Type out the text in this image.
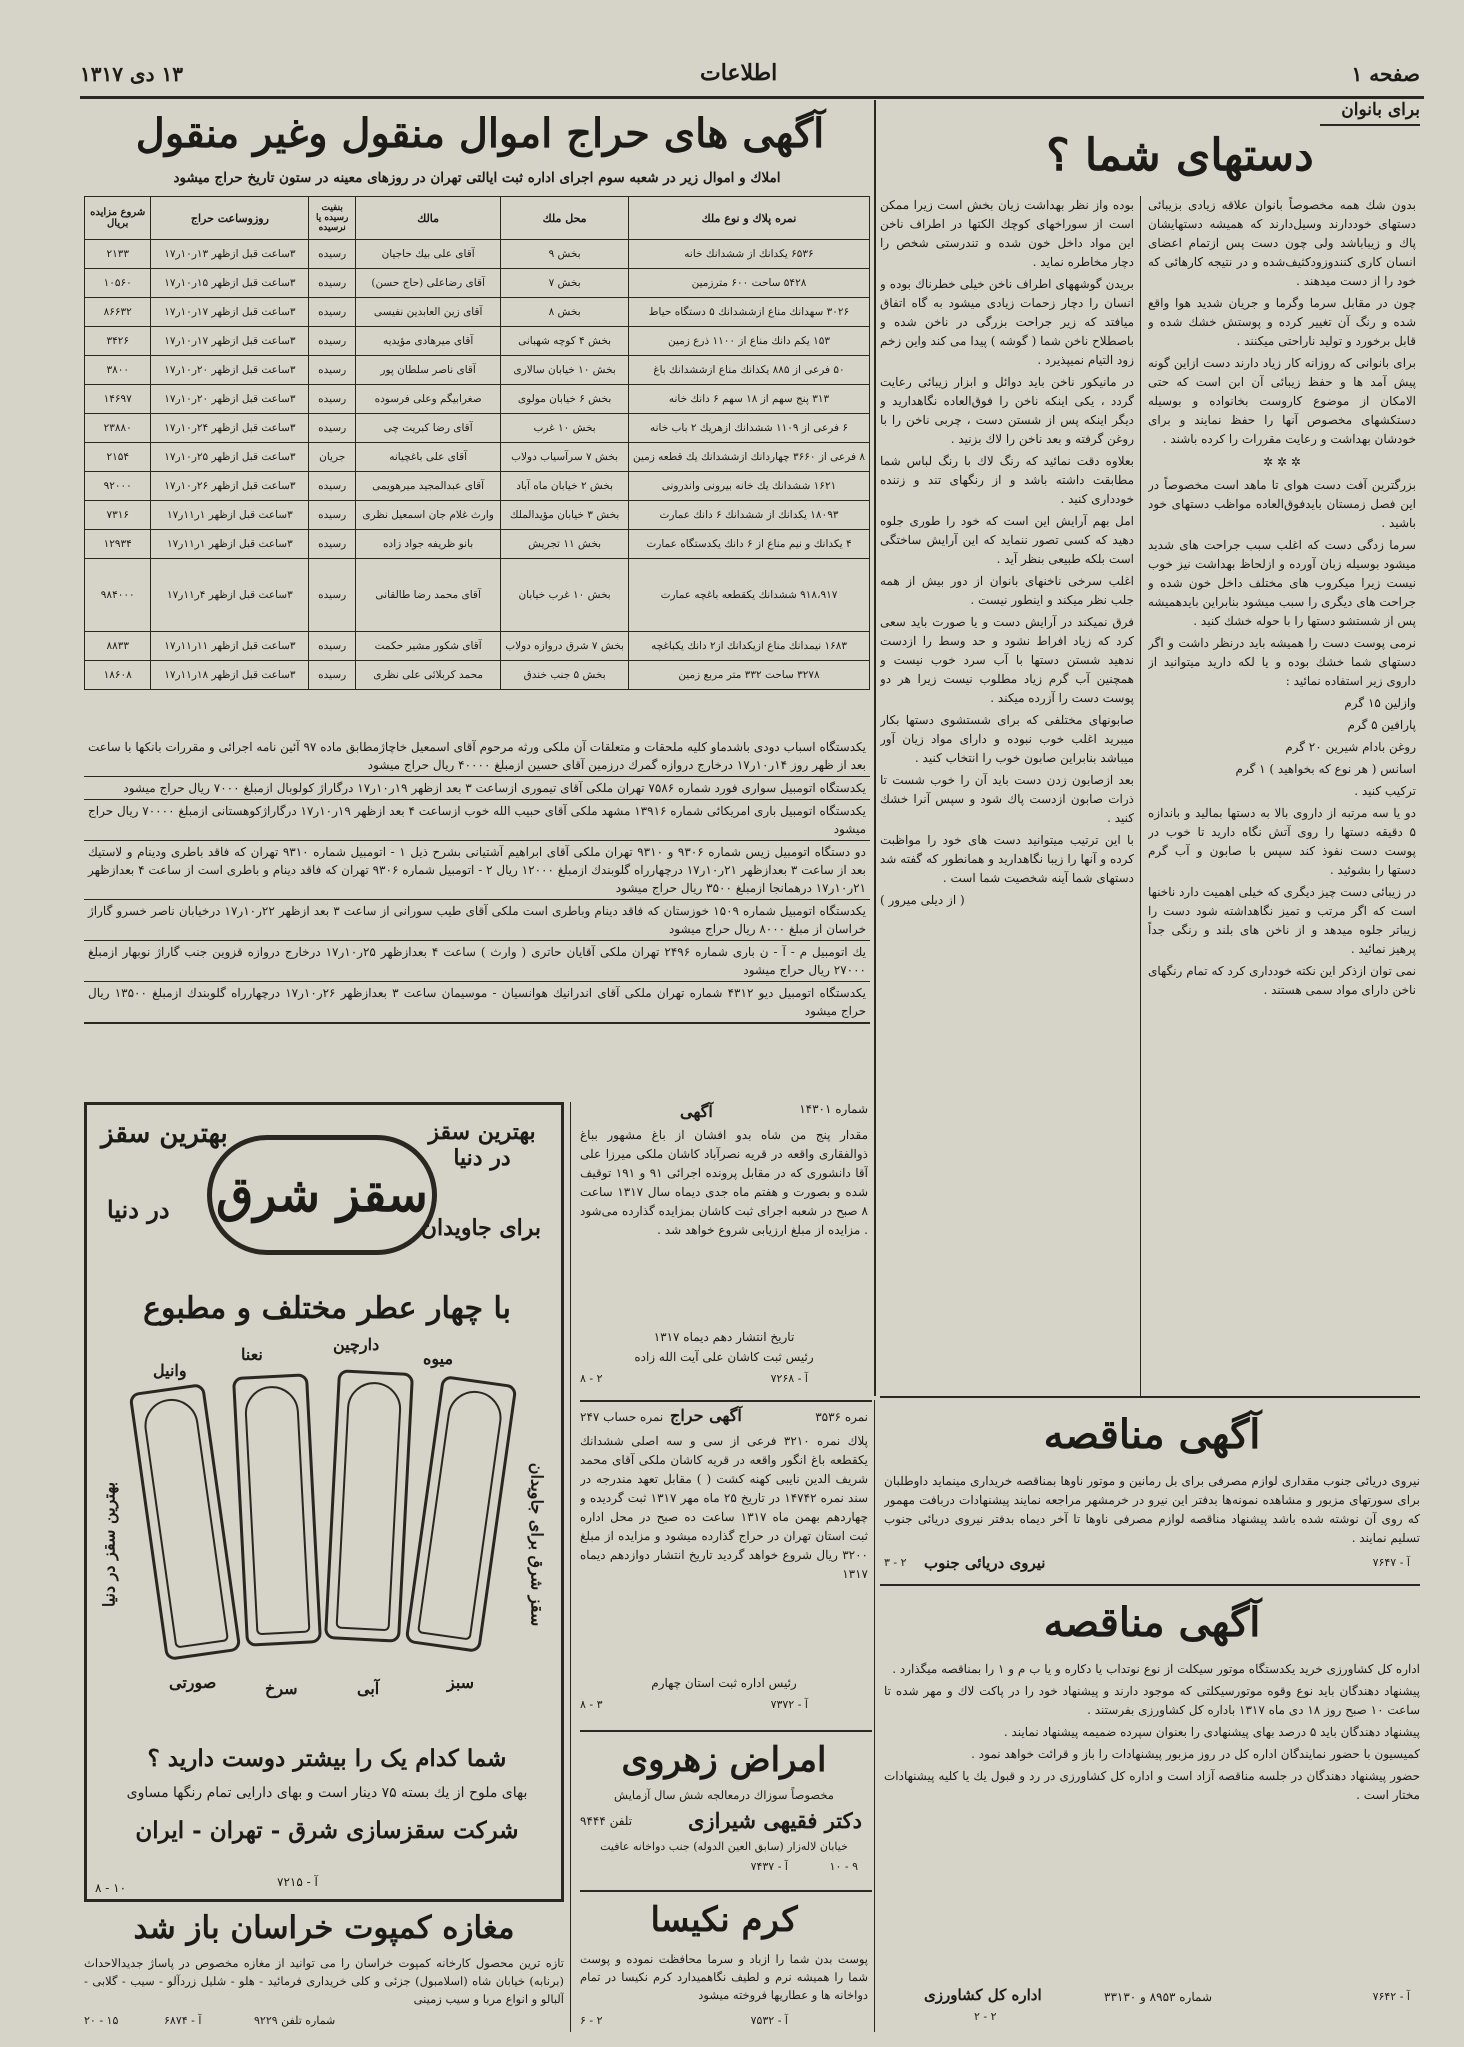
صفحه ۱
اطلاعات
۱۳ دی ۱۳۱۷
برای بانوان
دستهای شما ؟

بدون شك همه مخصوصاً بانوان علاقه زیادی بزیبائی دستهای خوددارند وسیل‌دارند که همیشه دستهایشان پاك و زیباباشد ولی چون دست پس ازتمام اعضای انسان کاری کنندوزودکثیف‌شده و در نتیجه کارهائی که خود را از دست میدهند .

چون در مقابل سرما وگرما و جریان شدید هوا واقع شده و رنگ آن تغییر کرده و پوستش خشك شده و قابل برخورد و تولید ناراحتی میکنند .

برای بانوانی که روزانه کار زیاد دارند دست ازاین گونه پیش آمد ها و حفظ زیبائی آن ابن است که حتی الامکان از موضوع کاروست بخانواده و بوسیله دستکشهای مخصوص آنها را حفظ نمایند و برای خودشان بهداشت و رعایت مقررات را کرده باشند .

✲ ✲ ✲

بزرگترین آفت دست هوای تا ماهد است مخصوصاً در این فصل زمستان بایدفوق‌العاده مواظب دستهای خود باشید .

سرما زدگی دست که اغلب سبب جراحت های شدید میشود بوسیله زبان آورده و ازلحاظ بهداشت نیز خوب نیست زیرا میکروب های مختلف داخل خون شده و جراحت های دیگری را سبب میشود بنابراین بایدهمیشه پس از شستشو دستها را با حوله خشك کنید .

نرمی پوست دست را همیشه باید درنظر داشت و اگر دستهای شما خشك بوده و یا لکه دارید میتوانید از داروی زیر استفاده نمائید :

وازلین ۱۵ گرم

پارافین ۵ گرم

روغن بادام شیرین ۲۰ گرم

اسانس ( هر نوع که بخواهید ) ۱ گرم

ترکیب کنید .

دو یا سه مرتبه از داروی بالا به دستها بمالید و باندازه ۵ دقیقه دستها را روی آتش نگاه دارید تا خوب در پوست دست نفوذ کند سپس با صابون و آب گرم دستها را بشوئید .

در زیبائی دست چیز دیگری که خیلی اهمیت دارد ناخنها است که اگر مرتب و تمیز نگاهداشته شود دست را زیباتر جلوه میدهد و از ناخن های بلند و رنگی جداً پرهیز نمائید .

نمی توان ازذکر این نکته خودداری کرد که تمام رنگهای ناخن دارای مواد سمی هستند .

بوده واز نظر بهداشت زیان بخش است زیرا ممکن است از سوراخهای کوچك الکتها در اطراف ناخن این مواد داخل خون شده و تندرستی شخص را دچار مخاطره نماید .

بریدن گوشههای اطراف ناخن خیلی خطرناك بوده و انسان را دچار زحمات زیادی میشود به گاه اتفاق میافتد که زیر جراحت بزرگی در ناخن شده و باصطلاح ناخن شما ( گوشه ) پیدا می کند واین زخم زود التیام نمیپذیرد .

در مانیکور ناخن باید دوائل و ابزار زیبائی رعایت گردد ، یکی اینکه ناخن را فوق‌العاده نگاهدارید و دیگر اینکه پس از شستن دست ، چربی ناخن را با روغن گرفته و بعد ناخن را لاك بزنید .

بعلاوه دقت نمائید که رنگ لاك با رنگ لباس شما مطابقت داشته باشد و از رنگهای تند و زننده خودداری کنید .

امل بهم آرایش این است که خود را طوری جلوه دهید که کسی تصور ننماید که این آرایش ساختگی است بلکه طبیعی بنظر آید .

اغلب سرخی ناخنهای بانوان از دور بیش از همه جلب نظر میکند و اینطور نیست .

فرق نمیکند در آرایش دست و یا صورت باید سعی کرد که زیاد افراط نشود و حد وسط را ازدست ندهید شستن دستها با آب سرد خوب نیست و همچنین آب گرم زیاد مطلوب نیست زیرا هر دو پوست دست را آزرده میکند .

صابونهای مختلفی که برای شستشوی دستها بکار میبرید اغلب خوب نبوده و دارای مواد زیان آور میباشد بنابراین صابون خوب را انتخاب کنید .

بعد ازصابون زدن دست باید آن را خوب شست تا ذرات صابون ازدست پاك شود و سپس آنرا خشك کنید .

با این ترتیب میتوانید دست های خود را مواظبت کرده و آنها را زیبا نگاهدارید و همانطور که گفته شد دستهای شما آینه شخصیت شما است .

( از دیلی میرور )

آگهی های حراج اموال منقول وغیر منقول
املاك و اموال زیر در شعبه سوم اجرای اداره ثبت ایالتی تهران در روزهای معینه در ستون تاریخ حراج میشود
نمره پلاك و نوع ملك	محل ملك	مالك	بنفیت رسیده یا نرسیده	روزوساعت حراج	شروع مزایده بریال
۶۵۳۶ یکدانك از ششدانك خانه	بخش ۹	آقای علی بیك حاجیان	رسیده	۳ساعت قبل ازظهر ۱۳ر۱۰ر۱۷	۲۱۳۳
۵۴۲۸ ساحت ۶۰۰ مترزمین	بخش ۷	آقای رضاعلی (حاج حسن)	رسیده	۳ساعت قبل ازظهر ۱۵ر۱۰ر۱۷	۱۰۵۶۰
۳۰۲۶ سهدانك مناع ازششدانك ۵ دستگاه حیاط	بخش ۸	آقای زین العابدین نفیسی	رسیده	۳ساعت قبل ازظهر ۱۷ر۱۰ر۱۷	۸۶۶۳۲
۱۵۳ یکم دانك مناع از ۱۱۰۰ ذرع زمین	بخش ۴ کوچه شهبانی	آقای میرهادی مؤیدیه	رسیده	۳ساعت قبل ازظهر ۱۷ر۱۰ر۱۷	۳۴۲۶
۵۰ فرعی از ۸۸۵ یکدانك مناع ازششدانك باغ	بخش ۱۰ خیابان سالاری	آقای ناصر سلطان پور	رسیده	۳ساعت قبل ازظهر ۲۰ر۱۰ر۱۷	۳۸۰۰
۳۱۳ پنج سهم از ۱۸ سهم ۶ دانك خانه	بخش ۶ خیابان مولوی	صغرابیگم وعلی فرسوده	رسیده	۳ساعت قبل ازظهر ۲۰ر۱۰ر۱۷	۱۴۶۹۷
۶ فرعی از ۱۱۰۹ ششدانك ازهریك ۲ باب خانه	بخش ۱۰ غرب	آقای رضا کبریت چی	رسیده	۳ساعت قبل ازظهر ۲۴ر۱۰ر۱۷	۲۳۸۸۰
۸ فرعی از ۳۶۶۰ چهاردانك ازششدانك یك قطعه زمین	بخش ۷ سرآسیاب دولاب	آقای علی باغچیانه	جریان	۳ساعت قبل ازظهر ۲۵ر۱۰ر۱۷	۲۱۵۴
۱۶۲۱ ششدانك یك خانه بیرونی واندرونی	بخش ۲ خیابان ماه آباد	آقای عبدالمجید میرهویمی	رسیده	۳ساعت قبل ازظهر ۲۶ر۱۰ر۱۷	۹۲۰۰۰
۱۸۰۹۳ یکدانك از ششدانك ۶ دانك عمارت	بخش ۳ خیابان مؤیدالملك	وارث غلام جان اسمعیل نظری	رسیده	۳ساعت قبل ازظهر ۱ر۱۱ر۱۷	۷۳۱۶
۴ یکدانك و نیم مناع از ۶ دانك یکدستگاه عمارت	بخش ۱۱ تجریش	بانو ظریفه جواد زاده	رسیده	۳ساعت قبل ازظهر ۱ر۱۱ر۱۷	۱۲۹۳۴
۹۱۸،۹۱۷ ششدانك یکقطعه باغچه عمارت	بخش ۱۰ غرب خیابان	آقای محمد رضا طالقانی	رسیده	۳ساعت قبل ازظهر ۴ر۱۱ر۱۷	۹۸۴۰۰۰
۱۶۸۳ نیمدانك مناع ازیکدانك از۲ دانك یکباغچه	بخش ۷ شرق دروازه دولاب	آقای شکور مشیر حکمت	رسیده	۳ساعت قبل ازظهر ۱۱ر۱۱ر۱۷	۸۸۳۳
۳۲۷۸ ساحت ۳۳۲ متر مربع زمین	بخش ۵ جنب خندق	محمد کربلائی علی نظری	رسیده	۳ساعت قبل ازظهر ۱۸ر۱۱ر۱۷	۱۸۶۰۸
یکدستگاه اسباب دودی باشدماو کلیه ملحقات و متعلقات آن ملکی ورثه مرحوم آقای اسمعیل خاچاژمطابق ماده ۹۷ آئین نامه اجرائی و مقررات بانکها با ساعت بعد از ظهر روز ۱۴ر۱۰ر۱۷ درخارج دروازه گمرك درزمین آقای حسین ازمبلغ ۴۰۰۰۰ ریال حراج میشود
یکدستگاه اتومبیل سواری فورد شماره ۷۵۸۶ تهران ملکی آقای تیموری ازساعت ۳ بعد ازظهر ۱۹ر۱۰ر۱۷ درگاراژ کولوبال ازمبلغ ۷۰۰۰ ریال حراج میشود
یکدستگاه اتومبیل باری امریکائی شماره ۱۳۹۱۶ مشهد ملکی آقای حبیب الله خوب ازساعت ۴ بعد ازظهر ۱۹ر۱۰ر۱۷ درگاراژکوهستانی ازمبلغ ۷۰۰۰۰ ریال حراج میشود
دو دستگاه اتومبیل زیس شماره ۹۳۰۶ و ۹۳۱۰ تهران ملکی آقای ابراهیم آشتیانی بشرح ذیل ۱ - اتومبیل شماره ۹۳۱۰ تهران که فاقد باطری ودینام و لاستیك بعد از ساعت ۳ بعدازظهر ۲۱ر۱۰ر۱۷ درچهارراه گلوبندك ازمبلغ ۱۲۰۰۰ ریال ۲ - اتومبیل شماره ۹۳۰۶ تهران که فاقد دینام و باطری است از ساعت ۴ بعدازظهر ۲۱ر۱۰ر۱۷ درهمانجا ازمبلغ ۳۵۰۰ ریال حراج میشود
یکدستگاه اتومبیل شماره ۱۵۰۹ خوزستان که فاقد دینام وباطری است ملکی آقای طیب سورانی از ساعت ۳ بعد ازظهر ۲۲ر۱۰ر۱۷ درخیابان ناصر خسرو گاراژ خراسان از مبلغ ۸۰۰۰ ریال حراج میشود
یك اتومبیل م - آ - ن باری شماره ۲۴۹۶ تهران ملکی آقایان حاتری ( وارث ) ساعت ۴ بعدازظهر ۲۵ر۱۰ر۱۷ درخارج دروازه قزوین جنب گاراژ نوبهار ازمبلغ ۲۷۰۰۰ ریال حراج میشود
یکدستگاه اتومبیل دیو ۴۳۱۲ شماره تهران ملکی آقای اندرانیك هوانسیان - موسیمان ساعت ۳ بعدازظهر ۲۶ر۱۰ر۱۷ درچهارراه گلوبندك ازمبلغ ۱۳۵۰۰ ریال حراج میشود
بهترین سقز	بهترین سقز در دنیا
سقز شرق
در دنیا
برای جاویدان
با چهار عطر مختلف و مطبوع
بهترین سقز در دنیا	سقز شرق برای جاویدان
وانیل
نعنا
دارچین
میوه
سبز
آبی
سرخ
صورتی
شما کدام یک را بیشتر دوست دارید ؟
بهای ملوح از یك بسته ۷۵ دینار است و بهای دارایی تمام رنگها مساوی
شرکت سقزسازی شرق - تهران - ایران
آ - ۷۲۱۵
۱۰ - ۸
مغازه کمپوت خراسان باز شد
تازه ترین محصول کارخانه کمپوت خراسان را می توانید از مغازه مخصوص در پاساژ جدیدالاحداث (برنابه) خیابان شاه (اسلامبول) جزئی و کلی خریداری فرمائید - هلو - شلیل زردآلو - سیب - گلابی - آلبالو و انواع مربا و سیب زمینی
شماره تلفن ۹۲۲۹
آ - ۶۸۷۴
۱۵ - ۲۰
شماره ۱۴۳۰۱
آگهی
مقدار پنج من شاه بدو افشان از باغ مشهور بباغ ذوالفقاری واقعه در قریه نصرآباد کاشان ملکی میرزا علی آقا دانشوری که در مقابل پرونده اجرائی ۹۱ و ۱۹۱ توقیف شده و بصورت و هفتم ماه جدی دیماه سال ۱۳۱۷ ساعت ۸ صبح در شعبه اجرای ثبت کاشان بمزایده گذارده می‌شود . مزایده از مبلغ ارزیابی شروع خواهد شد .
تاریخ انتشار دهم دیماه ۱۳۱۷
رئیس ثبت کاشان علی آیت الله زاده
آ - ۷۲۶۸
۲ - ۸
نمره ۳۵۳۶
آگهی حراج
نمره حساب ۲۴۷
پلاك نمره ۳۲۱۰ فرعی از سی و سه اصلی ششدانك یکقطعه باغ انگور واقعه در قریه کاشان ملکی آقای محمد شریف الدین نایبی کهنه کشت ( ) مقابل تعهد مندرجه در سند نمره ۱۴۷۴۲ در تاریخ ۲۵ ماه مهر ۱۳۱۷ ثبت گردیده و چهاردهم بهمن ماه ۱۳۱۷ ساعت ده صبح در محل اداره ثبت استان تهران در حراج گذارده میشود و مزایده از مبلغ ۳۲۰۰ ریال شروع خواهد گردید تاریخ انتشار دوازدهم دیماه ۱۳۱۷
رئیس اداره ثبت استان چهارم
آ - ۷۳۷۲
۳ - ۸
امراض زهروی
مخصوصاً سوزاك درمعالجه شش سال آزمایش
دکتر فقیهی شیرازی
تلفن ۹۴۴۴
خیابان لاله‌زار (سابق العین الدوله) جنب دواخانه عافیت
آ - ۷۴۳۷	۹ - ۱۰
کرم نکیسا
پوست بدن شما را ازباد و سرما محافظت نموده و پوست شما را همیشه نرم و لطیف نگاهمیدارد کرم نکیسا در تمام دواخانه ها و عطاریها فروخته میشود
آ - ۷۵۳۲
۲ - ۶
آگهی مناقصه
نیروی دریائی جنوب مقداری لوازم مصرفی برای بل رمانین و موتور ناوها بمناقصه خریداری مینماید داوطلبان برای سورتهای مزبور و مشاهده نمونه‌ها بدفتر این نیرو در خرمشهر مراجعه نمایند پیشنهادات دربافت مهمور که روی آن نوشته شده باشد پیشنهاد مناقصه لوازم مصرفی ناوها تا آخر دیماه بدفتر نیروی دریائی جنوب تسلیم نمایند .
نیروی دریائی جنوب	آ - ۷۶۴۷
۲ - ۳
آگهی مناقصه

اداره کل کشاورزی خرید یکدستگاه موتور سیکلت از نوع نوتداب یا دکاره و یا ب م و ۱ را بمناقصه میگذارد .

پیشنهاد دهندگان باید نوع وقوه موتورسیکلتی که موجود دارند و پیشنهاد خود را در پاکت لاك و مهر شده تا ساعت ۱۰ صبح روز ۱۸ دی ماه ۱۳۱۷ باداره کل کشاورزی بفرستند .

پیشنهاد دهندگان باید ۵ درصد بهای پیشنهادی را بعنوان سپرده ضمیمه پیشنهاد نمایند .

کمیسیون با حضور نمایندگان اداره کل در روز مزبور پیشنهادات را باز و قرائت خواهد نمود .

حضور پیشنهاد دهندگان در جلسه مناقصه آزاد است و اداره کل کشاورزی در رد و قبول یك یا کلیه پیشنهادات مختار است .

اداره کل کشاورزی	شماره ۸۹۵۳ و ۳۳۱۳۰	آ - ۷۶۴۲
۲ - ۲
